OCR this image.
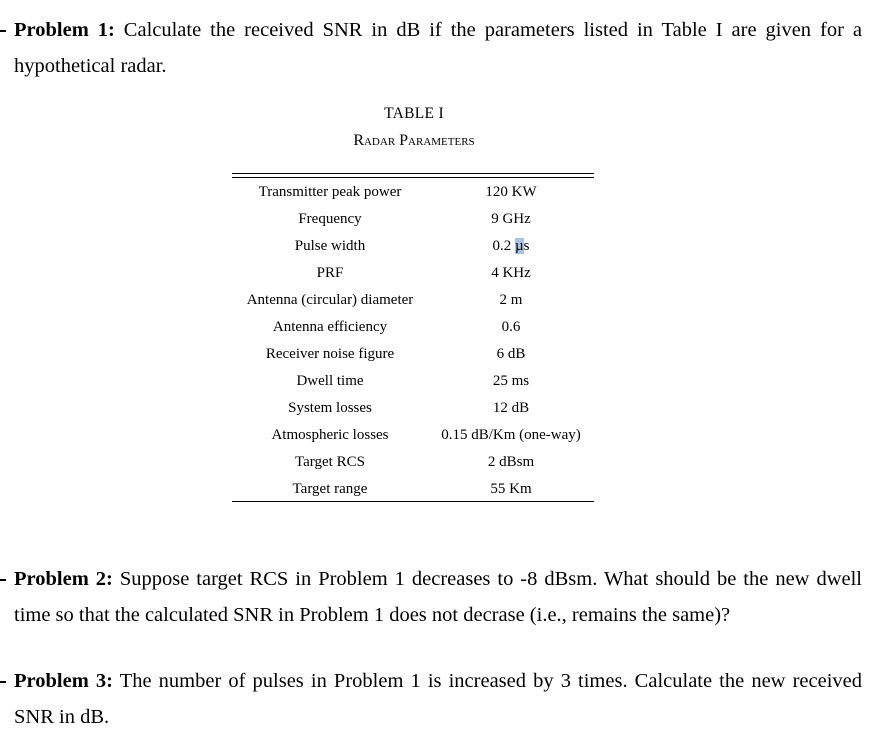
Problem 1: Calculate the received SNR in dB if the parameters listed in Table I are given for a hypothetical radar.
TABLE I
Radar Parameters
Transmitter peak power	120 KW
Frequency	9 GHz
Pulse width	0.2 µs
PRF	4 KHz
Antenna (circular) diameter	2 m
Antenna efficiency	0.6
Receiver noise figure	6 dB
Dwell time	25 ms
System losses	12 dB
Atmospheric losses	0.15 dB/Km (one-way)
Target RCS	2 dBsm
Target range	55 Km
Problem 2: Suppose target RCS in Problem 1 decreases to -8 dBsm. What should be the new dwell time so that the calculated SNR in Problem 1 does not decrase (i.e., remains the same)?
Problem 3: The number of pulses in Problem 1 is increased by 3 times. Calculate the new received SNR in dB.
